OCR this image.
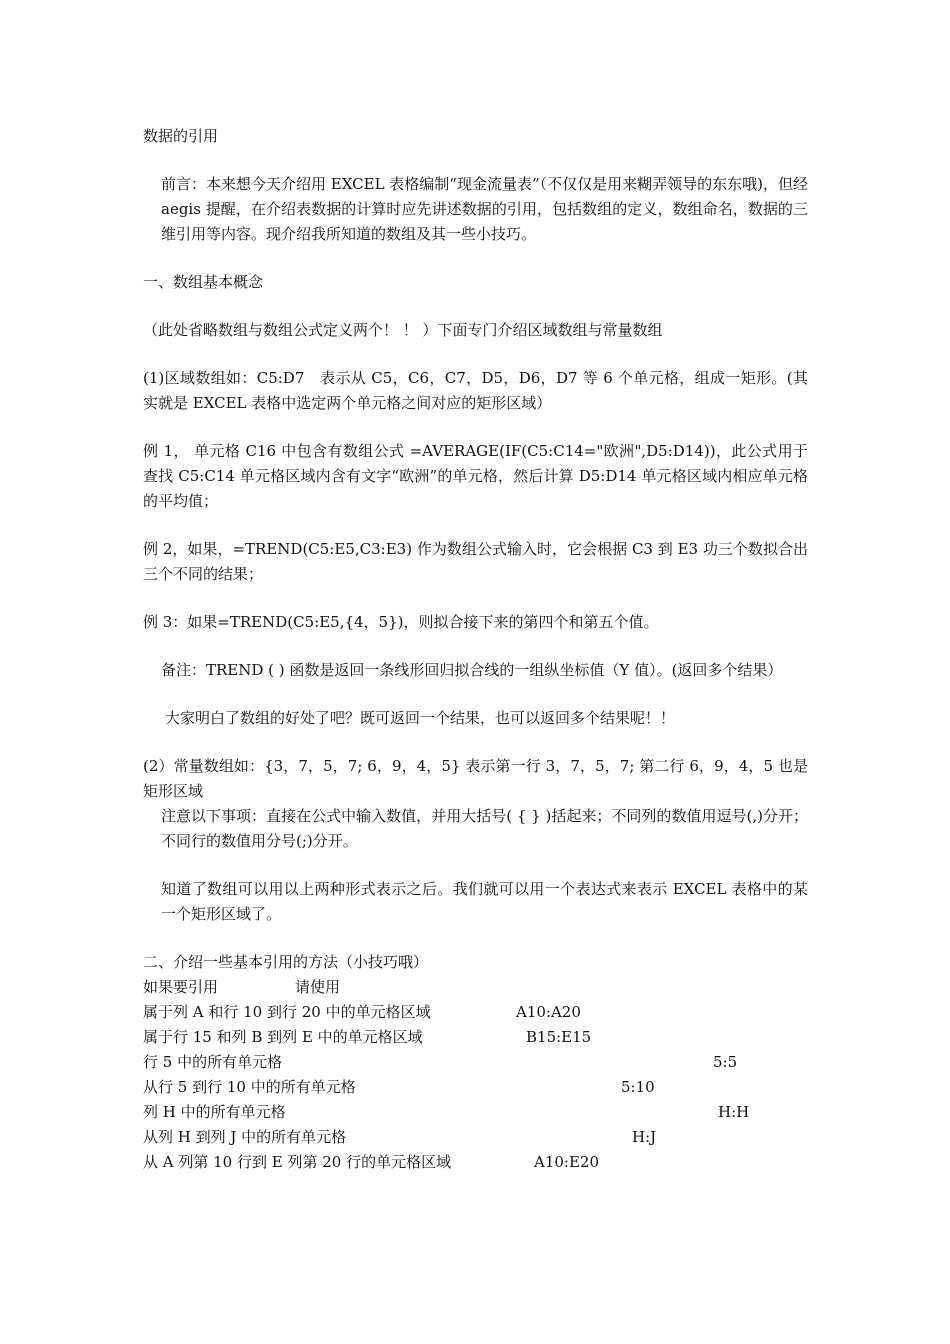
数据的引用
前言：本来想今天介绍用 EXCEL 表格编制“现金流量表”（不仅仅是用来糊弄领导的东东哦)，但经 aegis 提醒，在介绍表数据的计算时应先讲述数据的引用，包括数组的定义，数组命名，数据的三维引用等内容。现介绍我所知道的数组及其一些小技巧。
一、数组基本概念
（此处省略数组与数组公式定义两个！ ！ ）下面专门介绍区域数组与常量数组
(1)区域数组如：C5:D7　表示从 C5，C6，C7，D5，D6，D7 等 6 个单元格，组成一矩形。(其实就是 EXCEL 表格中选定两个单元格之间对应的矩形区域）
例 1， 单元格 C16 中包含有数组公式 =AVERAGE(IF(C5:C14="欧洲",D5:D14))，此公式用于查找 C5:C14 单元格区域内含有文字“欧洲”的单元格，然后计算 D5:D14 单元格区域内相应单元格的平均值；
例 2，如果，=TREND(C5:E5,C3:E3) 作为数组公式输入时，它会根据 C3 到 E3 功三个数拟合出三个不同的结果；
例 3：如果=TREND(C5:E5,{4，5})，则拟合接下来的第四个和第五个值。
备注：TREND ( ) 函数是返回一条线形回归拟合线的一组纵坐标值（Y 值）。(返回多个结果）
大家明白了数组的好处了吧？既可返回一个结果，也可以返回多个结果呢！！
(2）常量数组如：{3，7，5，7; 6，9，4，5} 表示第一行 3，7，5，7; 第二行 6，9，4，5 也是矩形区域
注意以下事项：直接在公式中输入数值，并用大括号( { } )括起来；不同列的数值用逗号(,)分开； 不同行的数值用分号(;)分开。
知道了数组可以用以上两种形式表示之后。我们就可以用一个表达式来表示 EXCEL 表格中的某一个矩形区域了。
二、介绍一些基本引用的方法（小技巧哦）
如果要引用	请使用
属于列 A 和行 10 到行 20 中的单元格区域	A10:A20
属于行 15 和列 B 到列 E 中的单元格区域	B15:E15
行 5 中的所有单元格	5:5
从行 5 到行 10 中的所有单元格	5:10
列 H 中的所有单元格	H:H
从列 H 到列 J 中的所有单元格	H:J
从 A 列第 10 行到 E 列第 20 行的单元格区域	A10:E20
